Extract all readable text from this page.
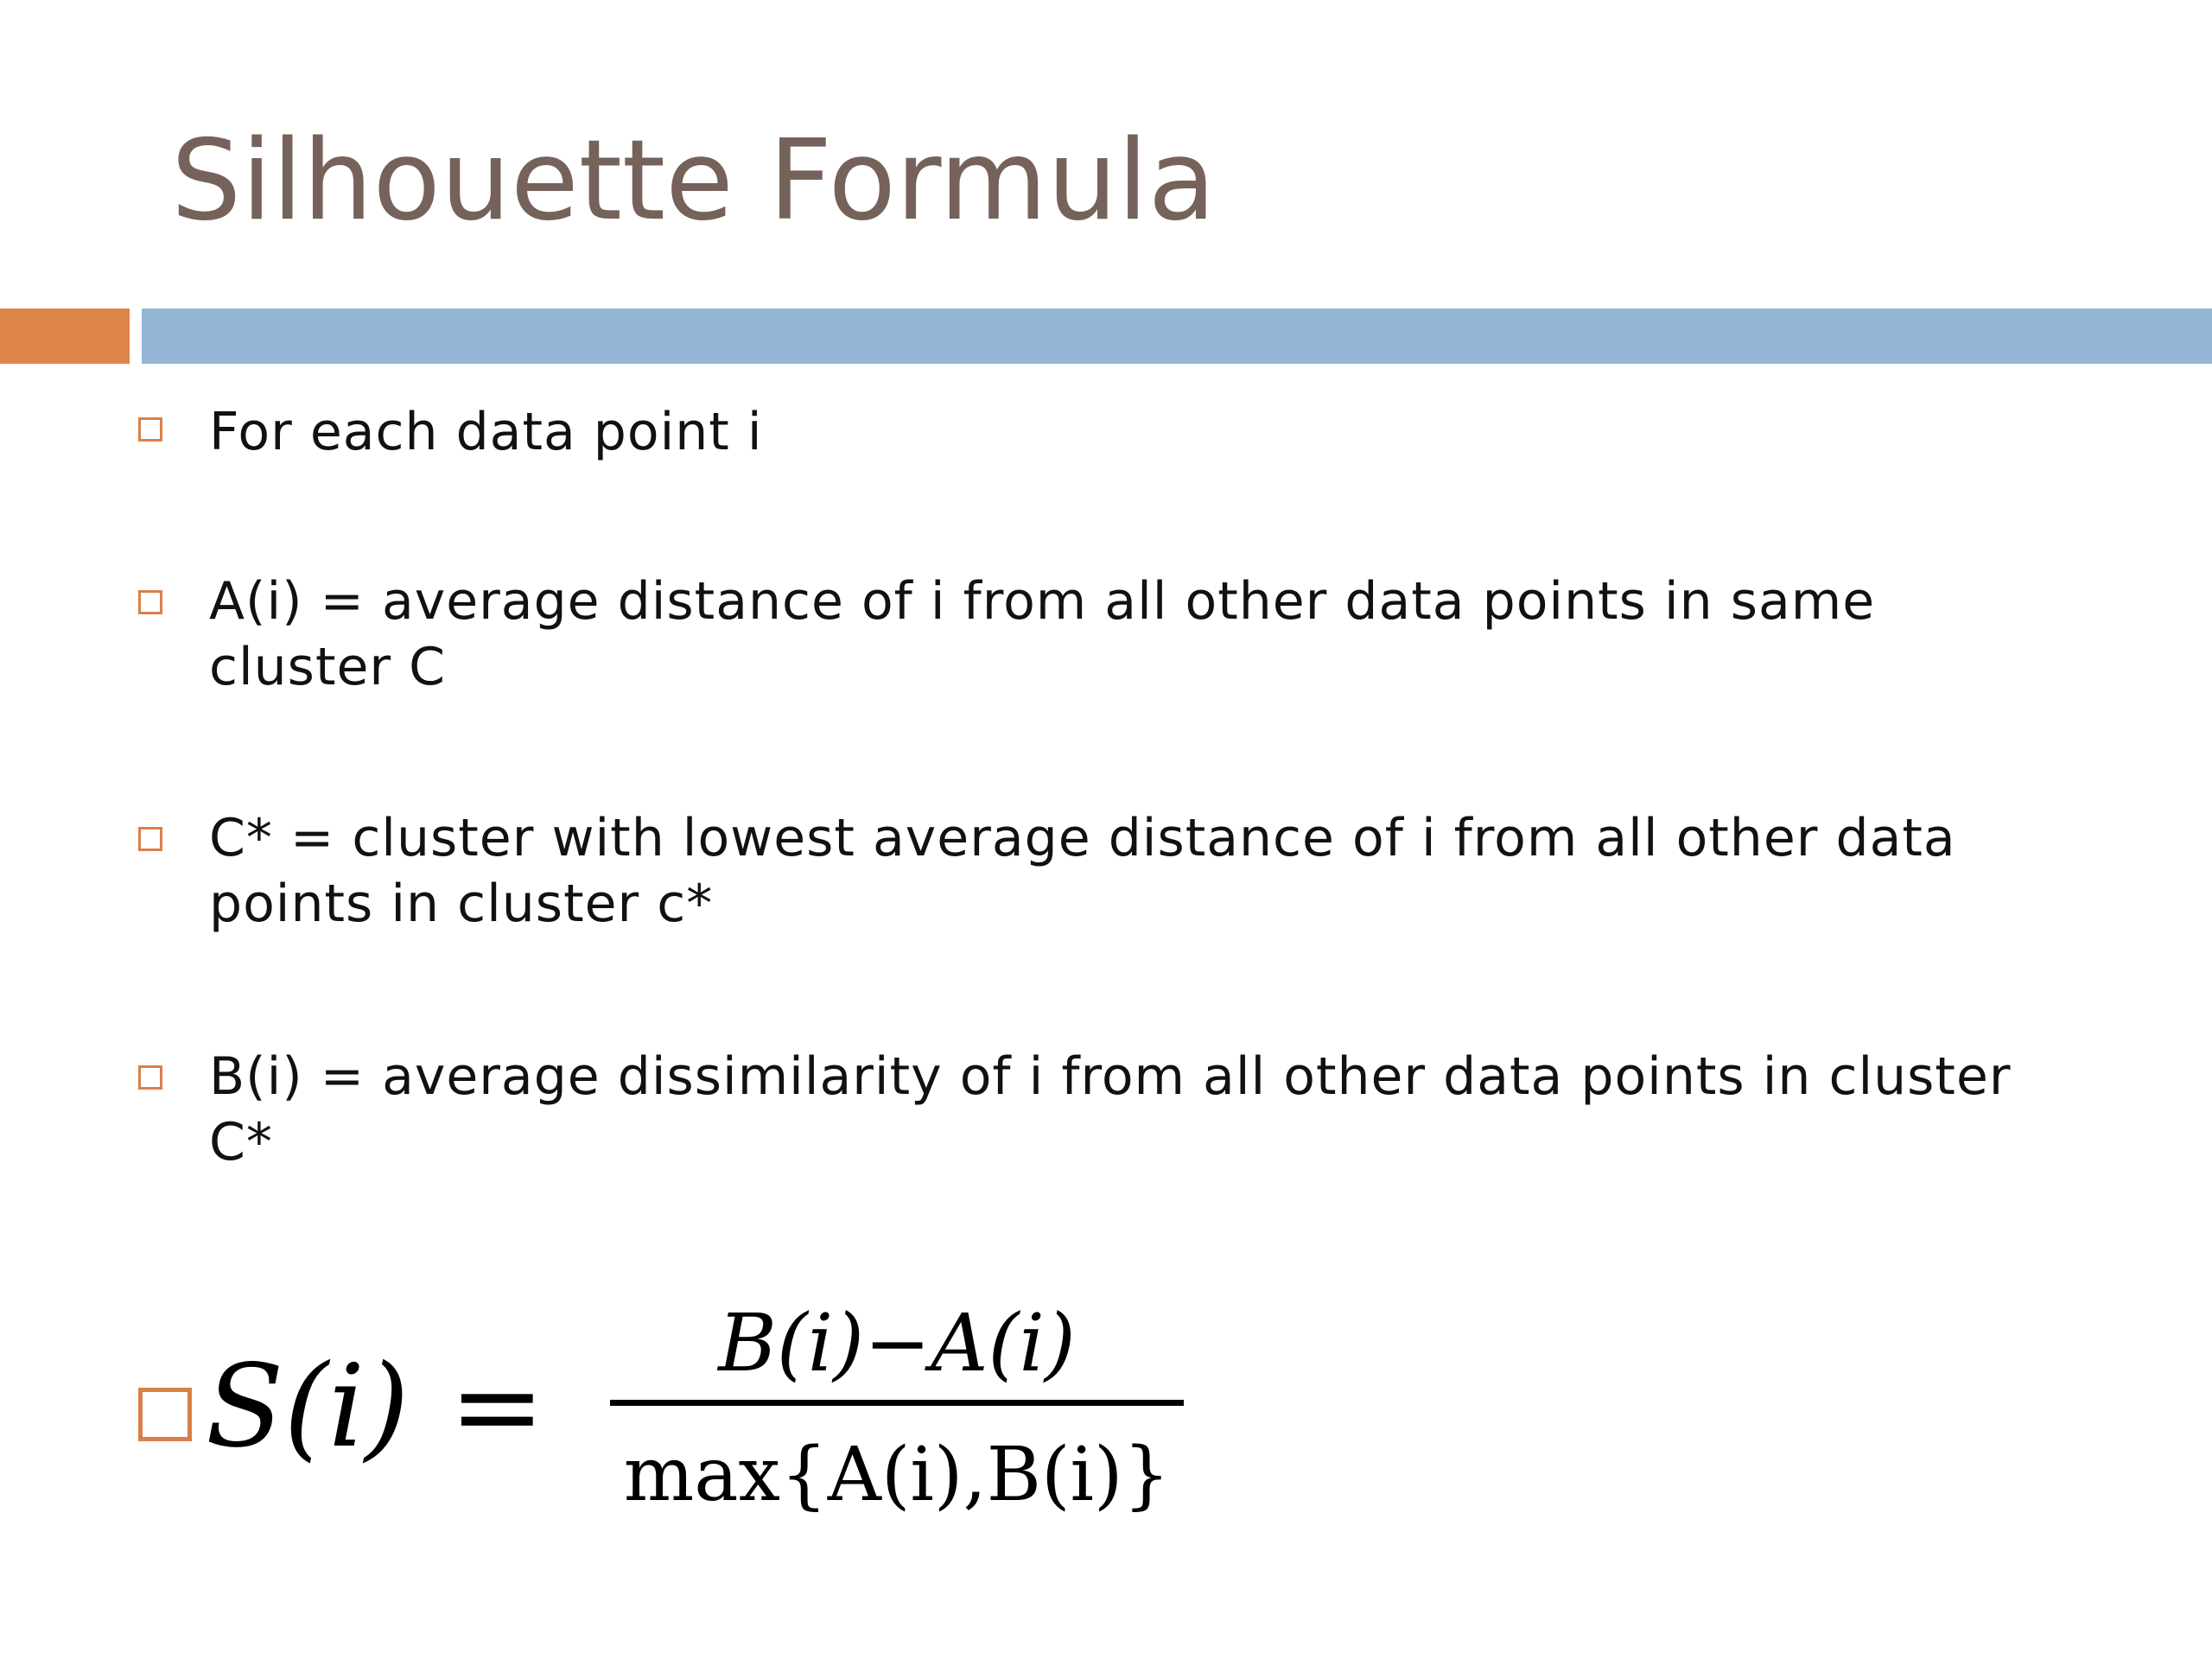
Silhouette Formula
For each data point i
A(i) = average distance of i from all other data points in same cluster C
C* = cluster with lowest average distance of i from all other data points in cluster c*
B(i) = average dissimilarity of i from all other data points in cluster C*
S(i) =	B(i)−A(i)
max{A(i),B(i)}
